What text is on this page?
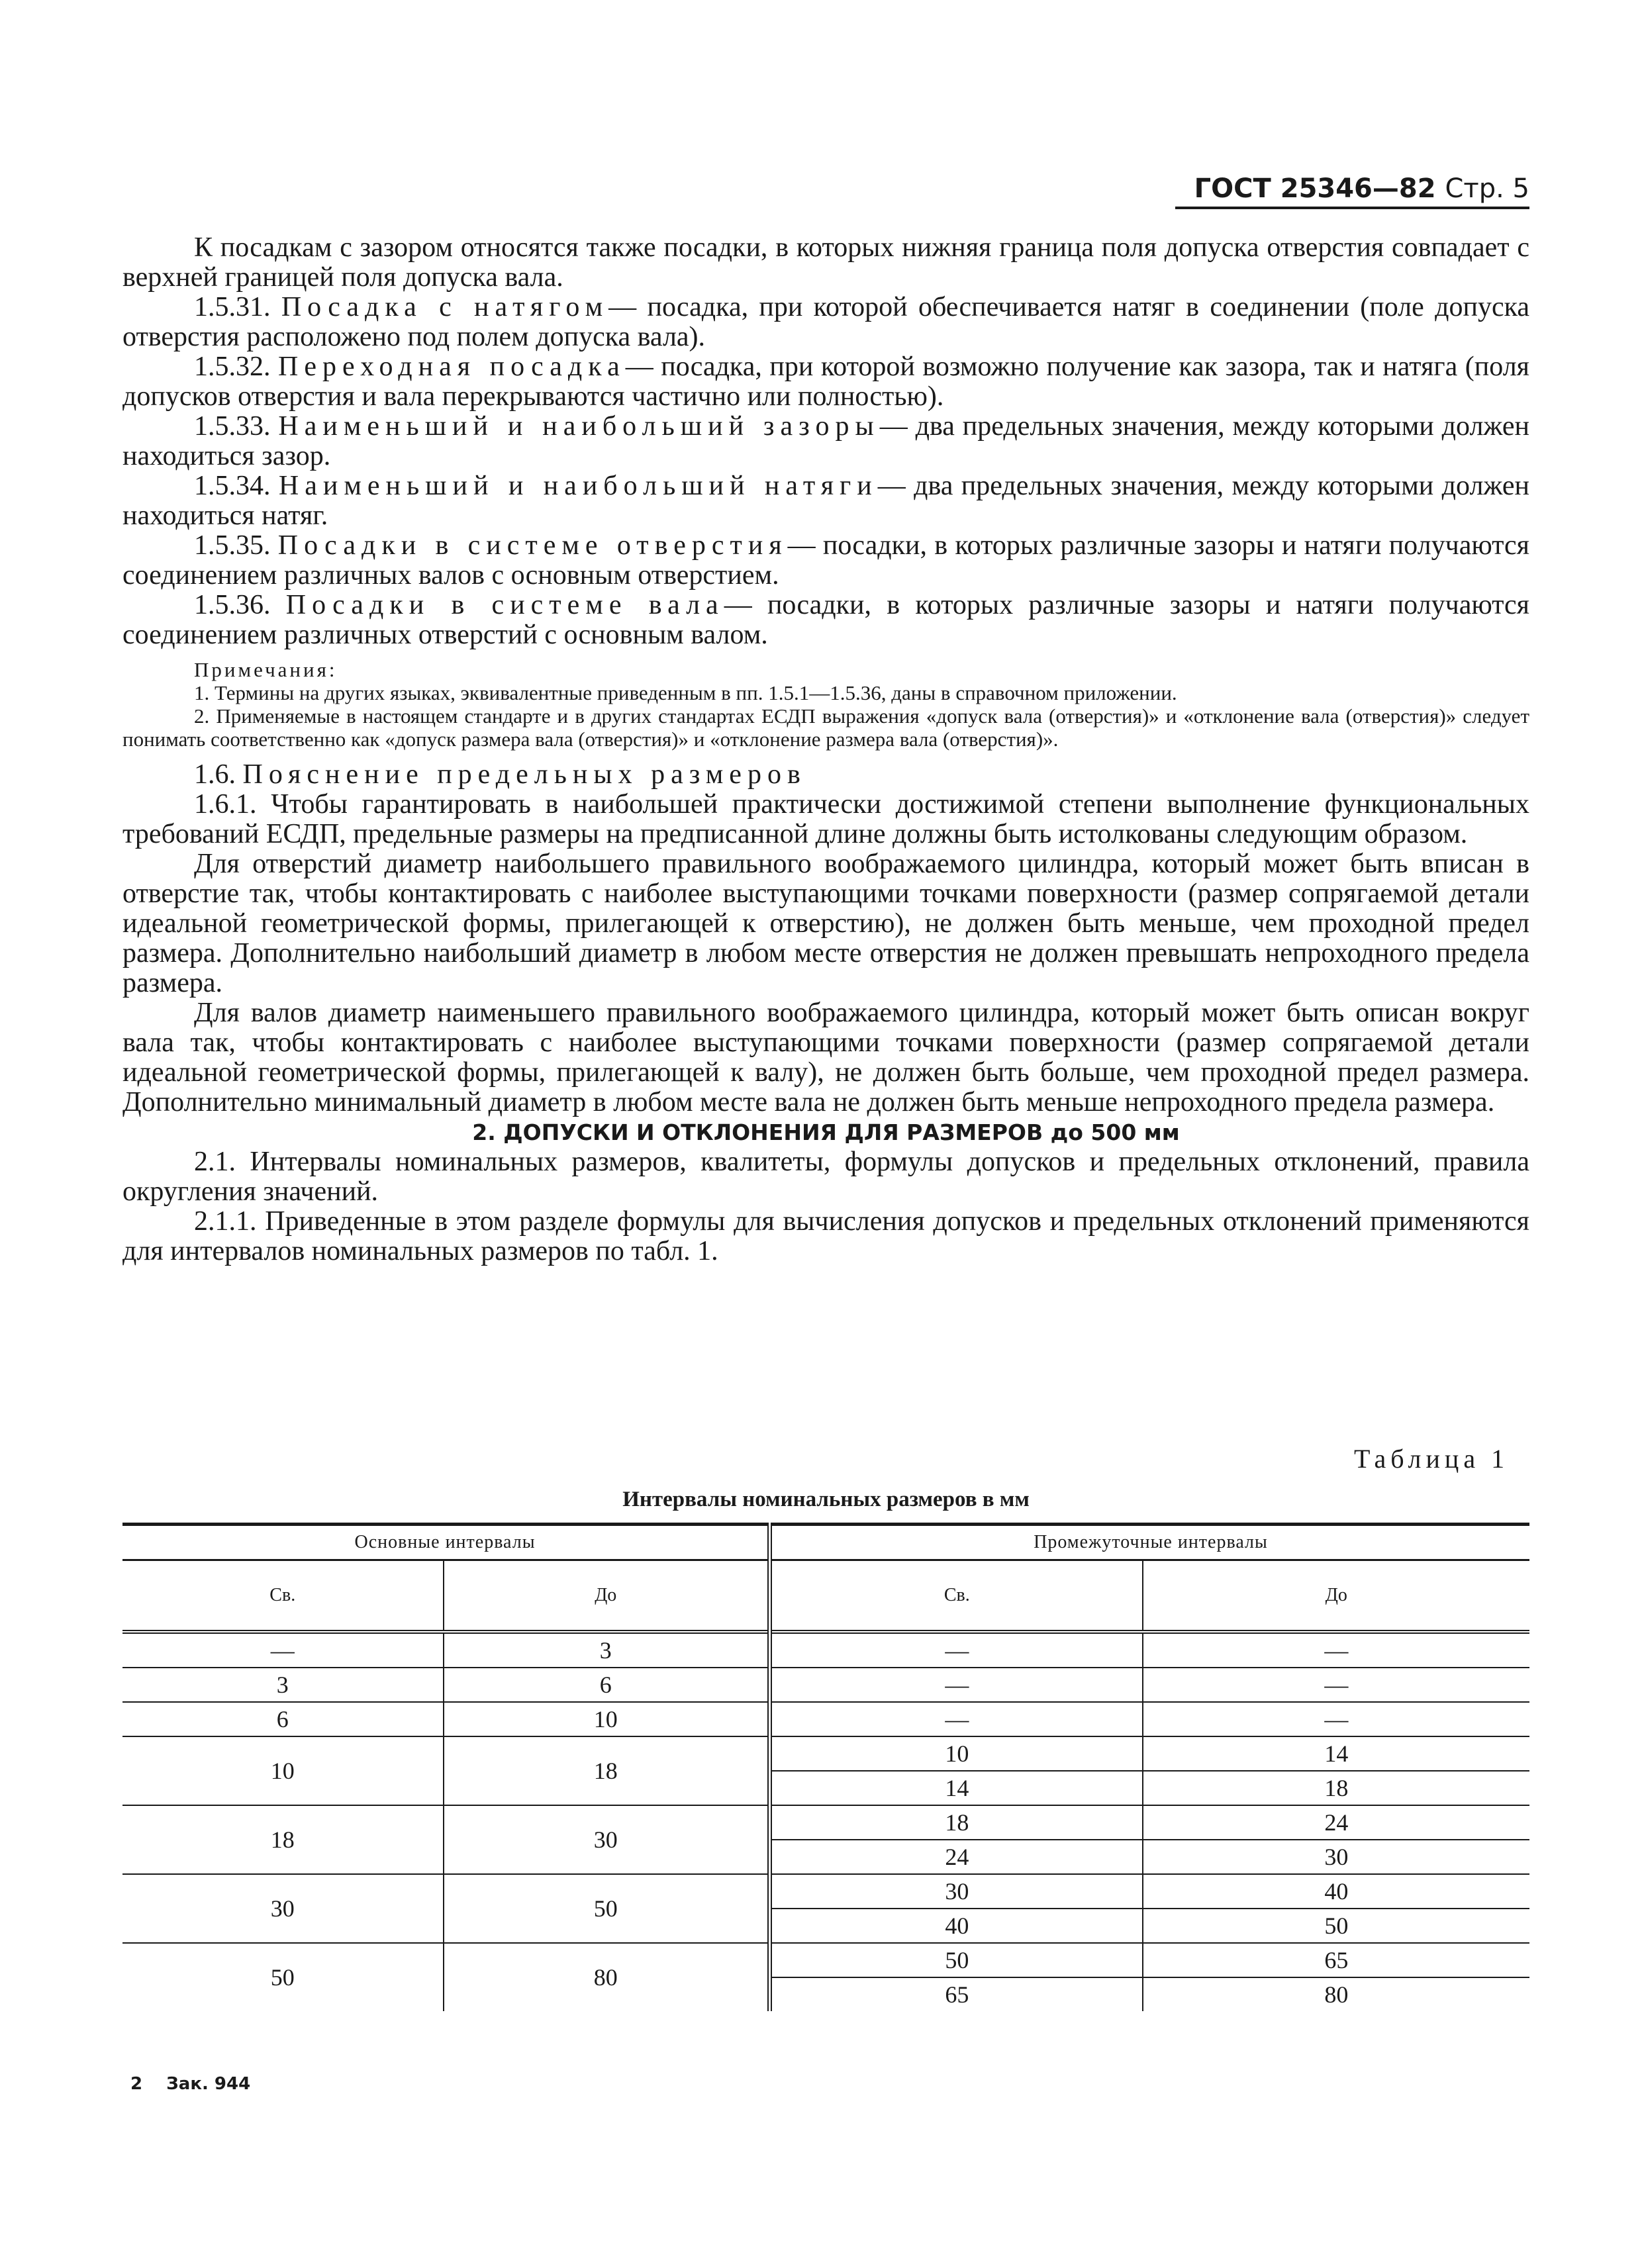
ГОСТ 25346—82 Стр. 5

К посадкам с зазором относятся также посадки, в которых нижняя граница поля допуска отверстия совпадает с верхней границей поля допуска вала.

1.5.31. Посадка с натягом— посадка, при которой обеспечивается натяг в соединении (поле допуска отверстия расположено под полем допуска вала).

1.5.32. Переходная посадка— посадка, при которой возможно получение как зазора, так и натяга (поля допусков отверстия и вала перекрываются частично или полностью).

1.5.33. Наименьший и наибольший зазоры— два предельных значения, между которыми должен находиться зазор.

1.5.34. Наименьший и наибольший натяги— два предельных значения, между которыми должен находиться натяг.

1.5.35. Посадки в системе отверстия— посадки, в которых различные зазоры и натяги получаются соединением различных валов с основным отверстием.

1.5.36. Посадки в системе вала— посадки, в которых различные зазоры и натяги получаются соединением различных отверстий с основным валом.

Примечания:

1. Термины на других языках, эквивалентные приведенным в пп. 1.5.1—1.5.36, даны в справочном приложении.

2. Применяемые в настоящем стандарте и в других стандартах ЕСДП выражения «допуск вала (отверстия)» и «отклонение вала (отверстия)» следует понимать соответственно как «допуск размера вала (отверстия)» и «отклонение размера вала (отверстия)».

1.6. Пояснение предельных размеров

1.6.1. Чтобы гарантировать в наибольшей практически достижимой степени выполнение функциональных требований ЕСДП, предельные размеры на предписанной длине должны быть истолкованы следующим образом.

Для отверстий диаметр наибольшего правильного воображаемого цилиндра, который может быть вписан в отверстие так, чтобы контактировать с наиболее выступающими точками поверхности (размер сопрягаемой детали идеальной геометрической формы, прилегающей к отверстию), не должен быть меньше, чем проходной предел размера. Дополнительно наибольший диаметр в любом месте отверстия не должен превышать непроходного предела размера.

Для валов диаметр наименьшего правильного воображаемого цилиндра, который может быть описан вокруг вала так, чтобы контактировать с наиболее выступающими точками поверхности (размер сопрягаемой детали идеальной геометрической формы, прилегающей к валу), не должен быть больше, чем проходной предел размера. Дополнительно минимальный диаметр в любом месте вала не должен быть меньше непроходного предела размера.

2. ДОПУСКИ И ОТКЛОНЕНИЯ ДЛЯ РАЗМЕРОВ до 500 мм

2.1. Интервалы номинальных размеров, квалитеты, формулы допусков и предельных отклонений, правила округления значений.

2.1.1. Приведенные в этом разделе формулы для вычисления допусков и предельных отклонений применяются для интервалов номинальных размеров по табл. 1.

Таблица 1
Интервалы номинальных размеров в мм
Основные интервалы		Промежуточные интервалы	
Св.	До	Св.	До
—	3	—	—
3	6	—	—
6	10	—	—
10	18	10	14
		14	18
18	30	18	24
		24	30
30	50	30	40
		40	50
50	80	50	65
		65	80
2    Зак. 944
